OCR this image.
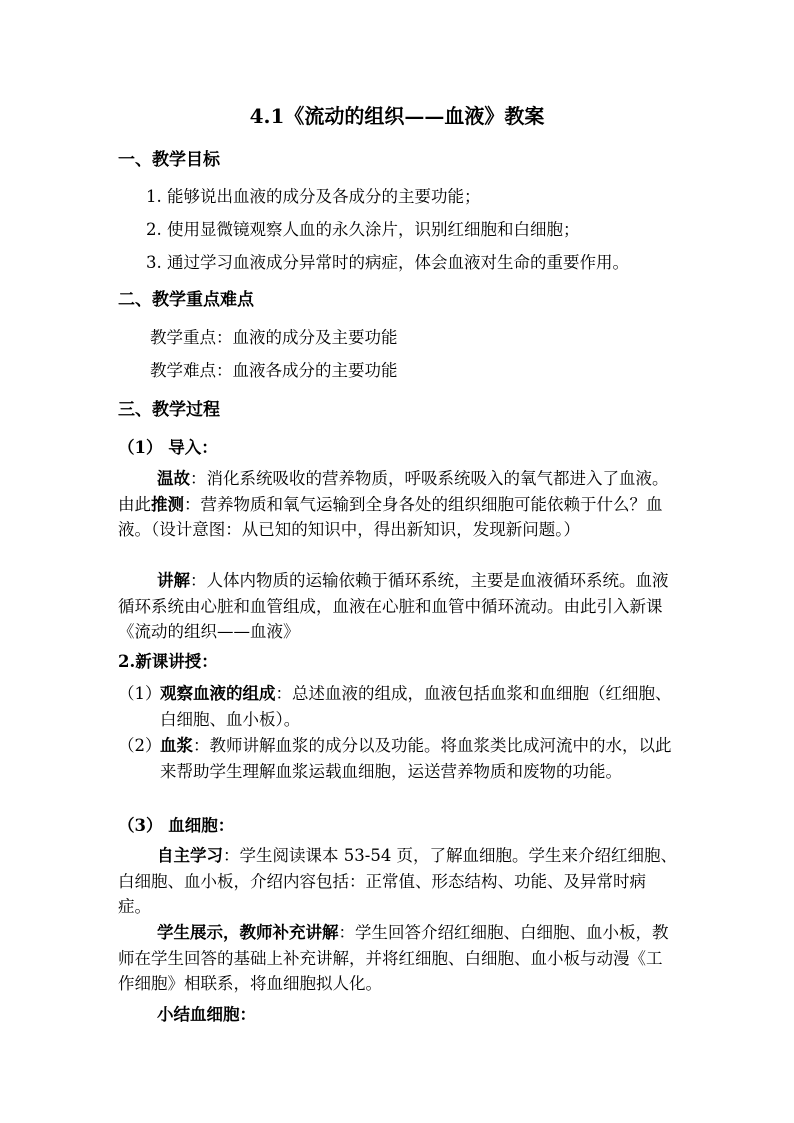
4.1《流动的组织——血液》教案
一、教学目标
1. 能够说出血液的成分及各成分的主要功能；
2. 使用显微镜观察人血的永久涂片，识别红细胞和白细胞；
3. 通过学习血液成分异常时的病症，体会血液对生命的重要作用。
二、教学重点难点
教学重点：血液的成分及主要功能
教学难点：血液各成分的主要功能
三、教学过程
（1） 导入：

温故：消化系统吸收的营养物质，呼吸系统吸入的氧气都进入了血液。由此推测：营养物质和氧气运输到全身各处的组织细胞可能依赖于什么？血液。（设计意图：从已知的知识中，得出新知识，发现新问题。）

讲解：人体内物质的运输依赖于循环系统，主要是血液循环系统。血液循环系统由心脏和血管组成，血液在心脏和血管中循环流动。由此引入新课《流动的组织——血液》

2.新课讲授：
（1）
观察血液的组成：总述血液的组成，血液包括血浆和血细胞（红细胞、白细胞、血小板）。
（2）
血浆：教师讲解血浆的成分以及功能。将血浆类比成河流中的水，以此来帮助学生理解血浆运载血细胞，运送营养物质和废物的功能。
（3） 血细胞：

自主学习：学生阅读课本 53-54 页，了解血细胞。学生来介绍红细胞、白细胞、血小板，介绍内容包括：正常值、形态结构、功能、及异常时病症。

学生展示，教师补充讲解：学生回答介绍红细胞、白细胞、血小板，教师在学生回答的基础上补充讲解，并将红细胞、白细胞、血小板与动漫《工作细胞》相联系，将血细胞拟人化。

小结血细胞：
